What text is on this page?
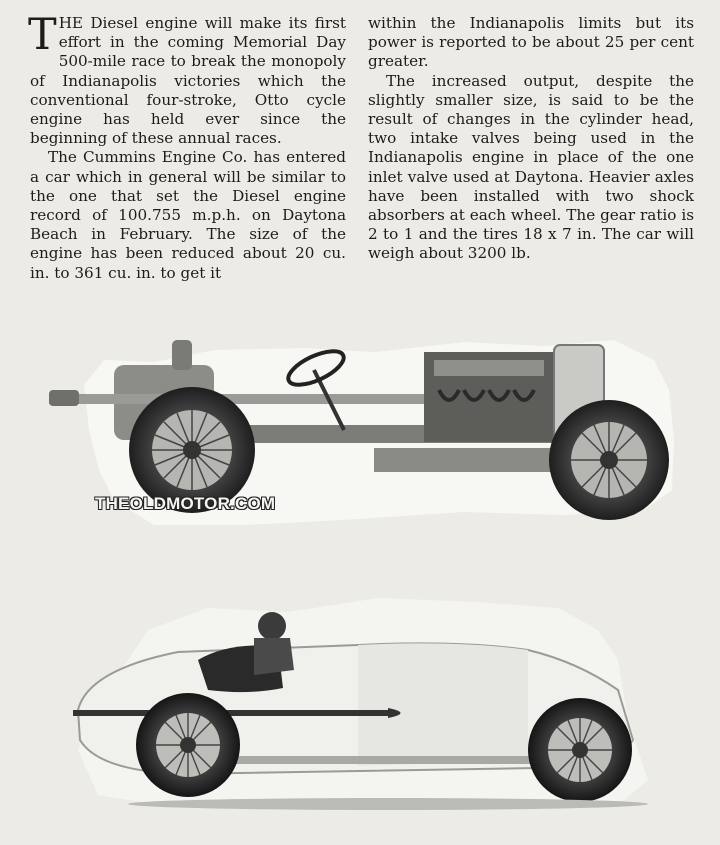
THE Diesel engine will make its first effort in the coming Memorial Day 500-mile race to break the monopoly of Indianapolis victories which the conventional four-stroke, Otto cycle engine has held ever since the beginning of these annual races.

The Cummins Engine Co. has entered a car which in general will be similar to the one that set the Diesel engine record of 100.755 m.p.h. on Daytona Beach in February. The size of the engine has been reduced about 20 cu. in. to 361 cu. in. to get it

within the Indianapolis limits but its power is reported to be about 25 per cent greater.

The increased output, despite the slightly smaller size, is said to be the result of changes in the cylinder head, two intake valves being used in the Indianapolis engine in place of the one inlet valve used at Daytona. Heavier axles have been installed with two shock absorbers at each wheel. The gear ratio is 2 to 1 and the tires 18 x 7 in. The car will weigh about 3200 lb.

THEOLDMOTOR.COM
